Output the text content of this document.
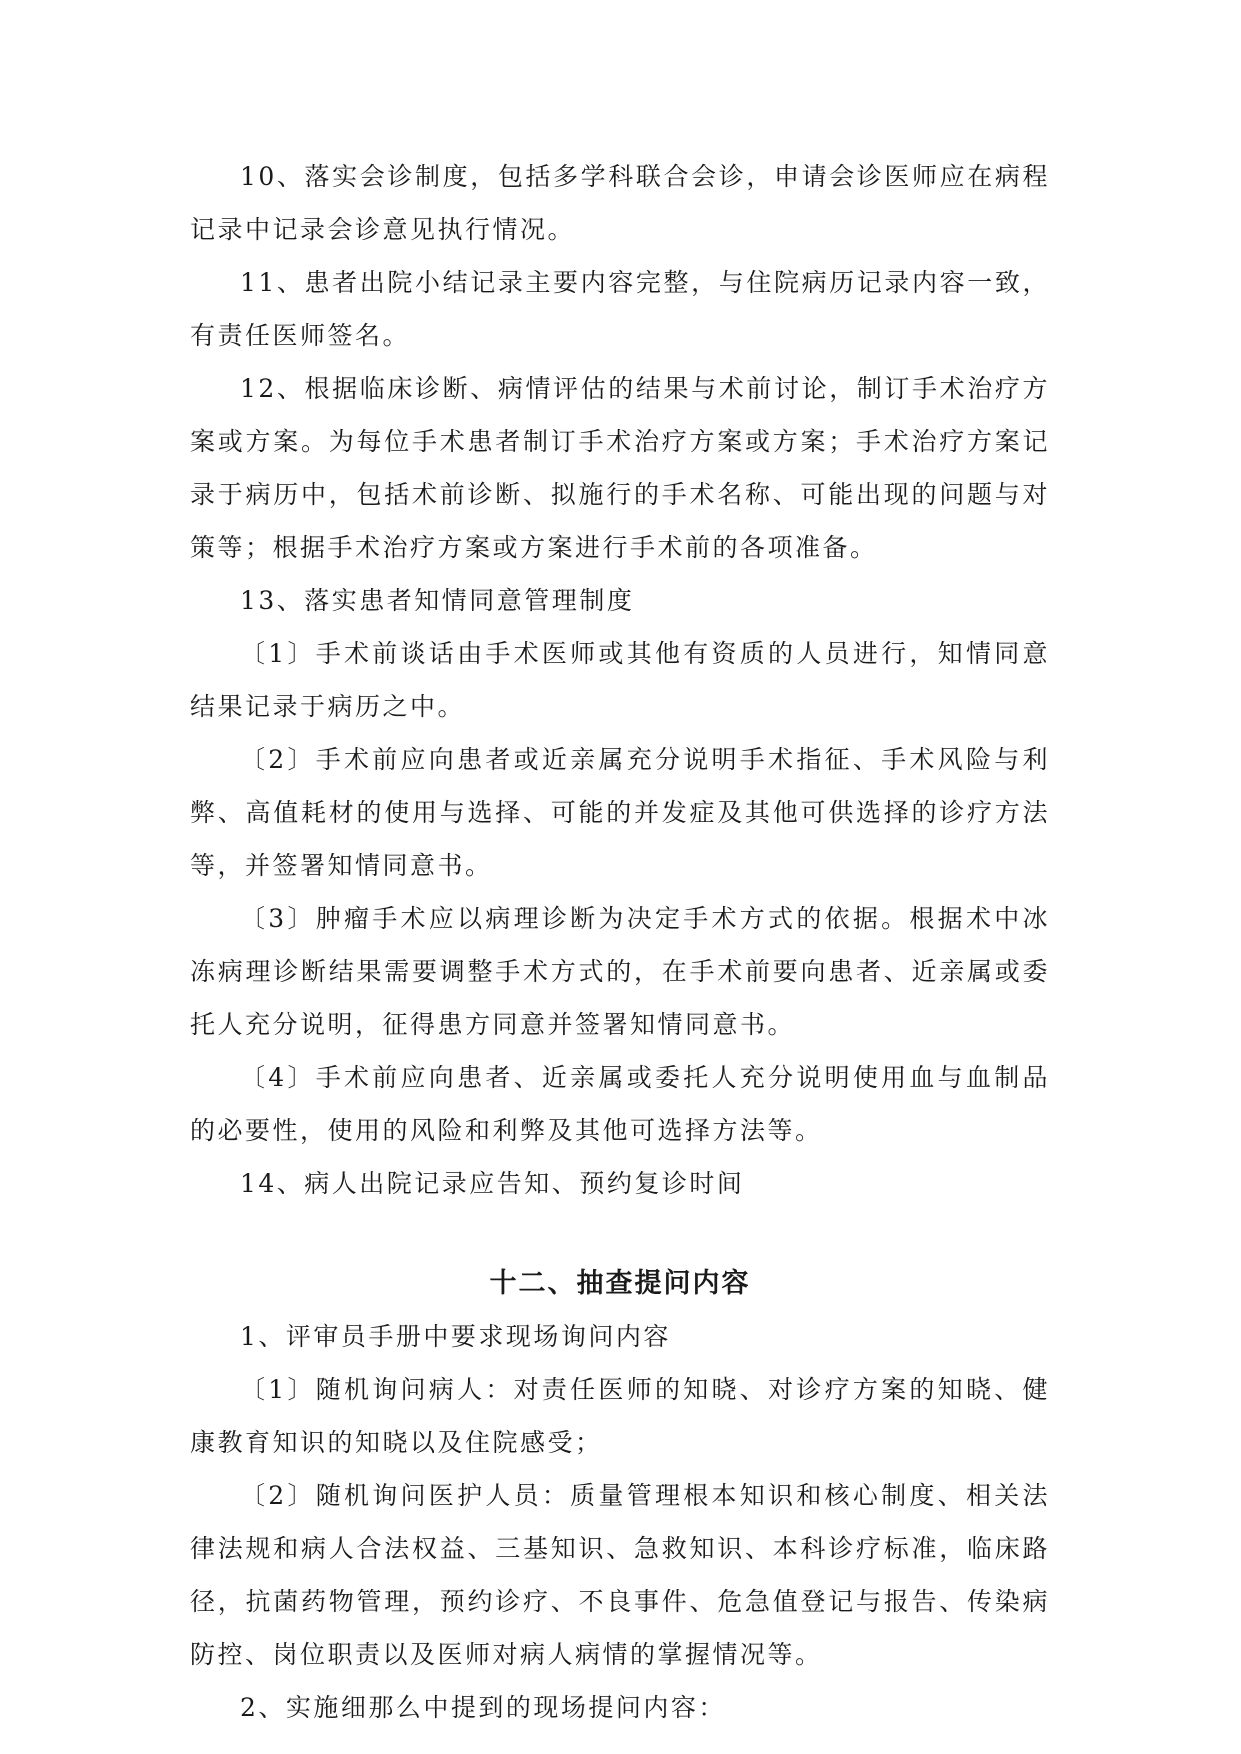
10、落实会诊制度，包括多学科联合会诊，申请会诊医师应在病程记录中记录会诊意见执行情况。

11、患者出院小结记录主要内容完整，与住院病历记录内容一致，有责任医师签名。

12、根据临床诊断、病情评估的结果与术前讨论，制订手术治疗方案或方案。为每位手术患者制订手术治疗方案或方案；手术治疗方案记录于病历中，包括术前诊断、拟施行的手术名称、可能出现的问题与对策等；根据手术治疗方案或方案进行手术前的各项准备。

13、落实患者知情同意管理制度

〔1〕手术前谈话由手术医师或其他有资质的人员进行，知情同意结果记录于病历之中。

〔2〕手术前应向患者或近亲属充分说明手术指征、手术风险与利弊、高值耗材的使用与选择、可能的并发症及其他可供选择的诊疗方法等，并签署知情同意书。

〔3〕肿瘤手术应以病理诊断为决定手术方式的依据。根据术中冰冻病理诊断结果需要调整手术方式的，在手术前要向患者、近亲属或委托人充分说明，征得患方同意并签署知情同意书。

〔4〕手术前应向患者、近亲属或委托人充分说明使用血与血制品的必要性，使用的风险和利弊及其他可选择方法等。

14、病人出院记录应告知、预约复诊时间

十二、抽查提问内容

1、评审员手册中要求现场询问内容

〔1〕随机询问病人：对责任医师的知晓、对诊疗方案的知晓、健康教育知识的知晓以及住院感受；

〔2〕随机询问医护人员：质量管理根本知识和核心制度、相关法律法规和病人合法权益、三基知识、急救知识、本科诊疗标准，临床路径，抗菌药物管理，预约诊疗、不良事件、危急值登记与报告、传染病防控、岗位职责以及医师对病人病情的掌握情况等。

2、实施细那么中提到的现场提问内容：
